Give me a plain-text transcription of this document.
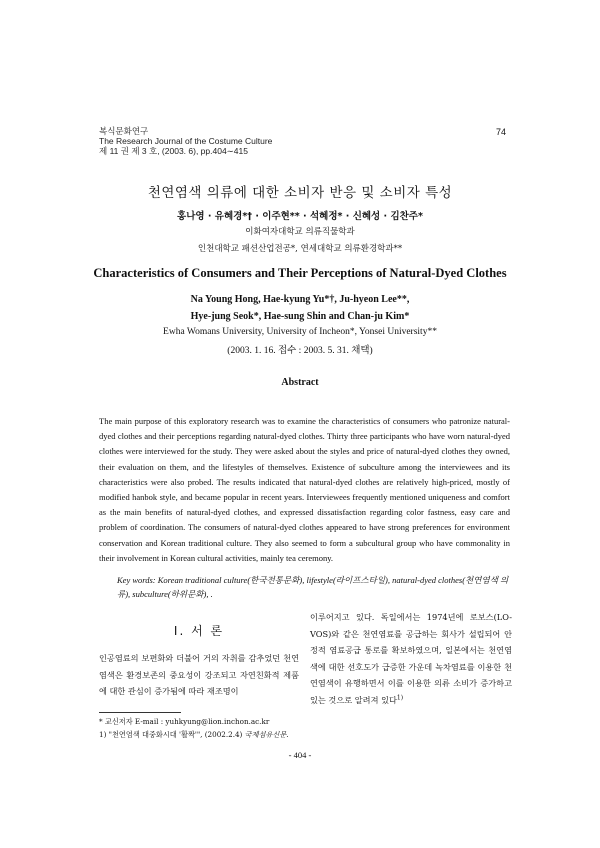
복식문화연구
The Research Journal of the Costume Culture
제 11 권 제 3 호, (2003. 6), pp.404∼415
74
천연염색 의류에 대한 소비자 반응 및 소비자 특성
홍나영 · 유혜경*† · 이주현** · 석혜정* · 신혜성 · 김찬주*
이화여자대학교 의류직물학과
인천대학교 패션산업전공*, 연세대학교 의류환경학과**
Characteristics of Consumers and Their Perceptions of Natural-Dyed Clothes
Na Young Hong, Hae-kyung Yu*†, Ju-hyeon Lee**,
Hye-jung Seok*, Hae-sung Shin and Chan-ju Kim*
Ewha Womans University, University of Incheon*, Yonsei University**
(2003. 1. 16. 접수 : 2003. 5. 31. 채택)
Abstract
The main purpose of this exploratory research was to examine the characteristics of consumers who patronize natural-dyed clothes and their perceptions regarding natural-dyed clothes. Thirty three participants who have worn natural-dyed clothes were interviewed for the study. They were asked about the styles and price of natural-dyed clothes they owned, their evaluation on them, and the lifestyles of themselves. Existence of subculture among the interviewees and its characteristics were also probed. The results indicated that natural-dyed clothes are relatively high-priced, mostly of modified hanbok style, and became popular in recent years. Interviewees frequently mentioned uniqueness and comfort as the main benefits of natural-dyed clothes, and expressed dissatisfaction regarding color fastness, easy care and problem of coordination. The consumers of natural-dyed clothes appeared to have strong preferences for environment conservation and Korean traditional culture. They also seemed to form a subcultural group who have commonality in their involvement in Korean cultural activities, mainly tea ceremony.
Key words: Korean traditional culture(한국전통문화), lifestyle(라이프스타일), natural-dyed clothes(천연염색 의류), subculture(하위문화), .
Ⅰ. 서 론
인공염료의 보편화와 더불어 거의 자취를 감추었던 천연염색은 환경보존의 중요성이 강조되고 자연친화적 제품에 대한 관심이 증가됨에 따라 재조명이
이루어지고 있다. 독일에서는 1974년에 로보스(LO-VOS)와 같은 천연염료를 공급하는 회사가 설립되어 안정적 염료공급 통로를 확보하였으며, 일본에서는 천연염색에 대한 선호도가 급증한 가운데 녹차염료를 이용한 천연염색이 유행하면서 이를 이용한 의류 소비가 증가하고 있는 것으로 알려져 있다$^{1)}$
* 교신저자 E-mail : yuhkyung@lion.inchon.ac.kr
1) "천연염색 대중화시대 '활짝'", (2002.2.4) 국제섬유신문.
- 404 -
